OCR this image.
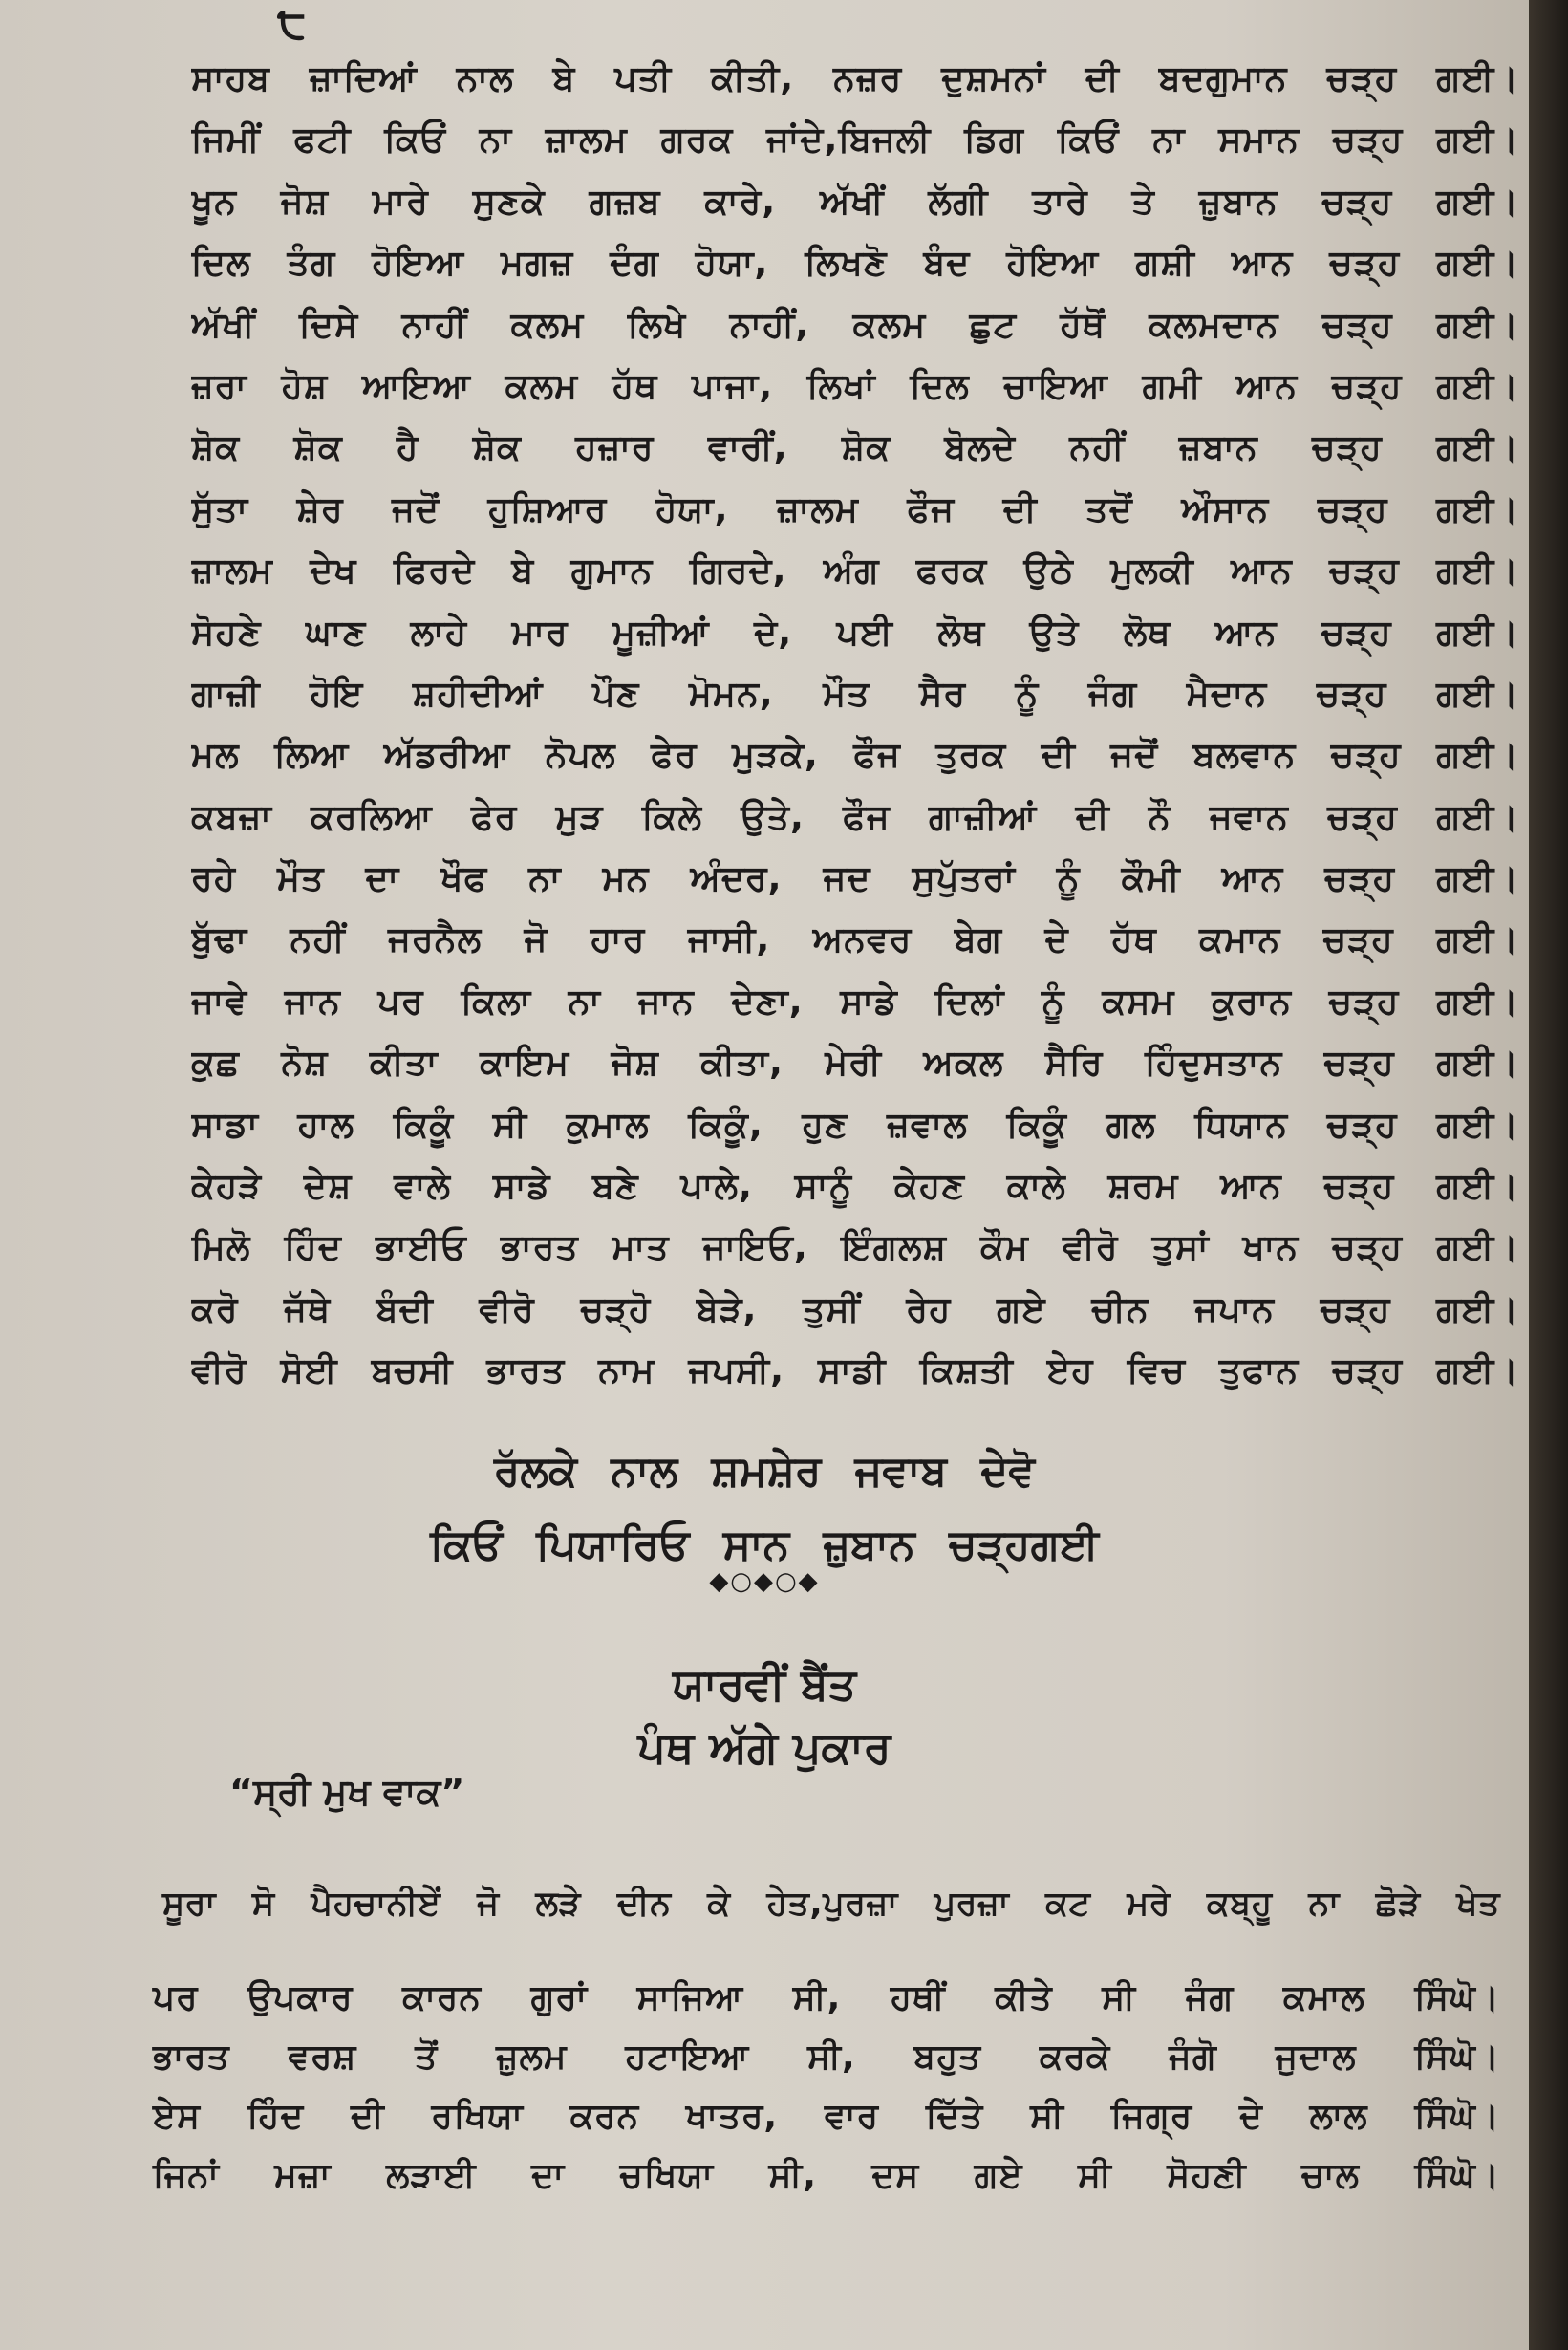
੮
ਸਾਹਬ ਜ਼ਾਦਿਆਂ ਨਾਲ ਬੇ ਪਤੀ ਕੀਤੀ, ਨਜ਼ਰ ਦੁਸ਼ਮਨਾਂ ਦੀ ਬਦਗੁਮਾਨ ਚੜ੍ਹ ਗਈ।
ਜਿਮੀਂ ਫਟੀ ਕਿਓਂ ਨਾ ਜ਼ਾਲਮ ਗਰਕ ਜਾਂਦੇ,ਬਿਜਲੀ ਡਿਗ ਕਿਓਂ ਨਾ ਸਮਾਨ ਚੜ੍ਹ ਗਈ।
ਖੂਨ ਜੋਸ਼ ਮਾਰੇ ਸੁਣਕੇ ਗਜ਼ਬ ਕਾਰੇ, ਅੱਖੀਂ ਲੱਗੀ ਤਾਰੇ ਤੇ ਜ਼ੁਬਾਨ ਚੜ੍ਹ ਗਈ।
ਦਿਲ ਤੰਗ ਹੋਇਆ ਮਗਜ਼ ਦੰਗ ਹੋਯਾ, ਲਿਖਣੋ ਬੰਦ ਹੋਇਆ ਗਸ਼ੀ ਆਨ ਚੜ੍ਹ ਗਈ।
ਅੱਖੀਂ ਦਿਸੇ ਨਾਹੀਂ ਕਲਮ ਲਿਖੇ ਨਾਹੀਂ, ਕਲਮ ਛੁਟ ਹੱਥੋਂ ਕਲਮਦਾਨ ਚੜ੍ਹ ਗਈ।
ਜ਼ਰਾ ਹੋਸ਼ ਆਇਆ ਕਲਮ ਹੱਥ ਪਾਜਾ, ਲਿਖਾਂ ਦਿਲ ਚਾਇਆ ਗਮੀ ਆਨ ਚੜ੍ਹ ਗਈ।
ਸ਼ੋਕ ਸ਼ੋਕ ਹੈ ਸ਼ੋਕ ਹਜ਼ਾਰ ਵਾਰੀਂ, ਸ਼ੋਕ ਬੋਲਦੇ ਨਹੀਂ ਜ਼ਬਾਨ ਚੜ੍ਹ ਗਈ।
ਸੁੱਤਾ ਸ਼ੇਰ ਜਦੋਂ ਹੁਸ਼ਿਆਰ ਹੋਯਾ, ਜ਼ਾਲਮ ਫੌਜ ਦੀ ਤਦੋਂ ਔਸਾਨ ਚੜ੍ਹ ਗਈ।
ਜ਼ਾਲਮ ਦੇਖ ਫਿਰਦੇ ਬੇ ਗੁਮਾਨ ਗਿਰਦੇ, ਅੰਗ ਫਰਕ ਉਠੇ ਮੁਲਕੀ ਆਨ ਚੜ੍ਹ ਗਈ।
ਸੋਹਣੇ ਘਾਣ ਲਾਹੇ ਮਾਰ ਮੂਜ਼ੀਆਂ ਦੇ, ਪਈ ਲੋਥ ਉਤੇ ਲੋਥ ਆਨ ਚੜ੍ਹ ਗਈ।
ਗਾਜ਼ੀ ਹੋਇ ਸ਼ਹੀਦੀਆਂ ਪੌਣ ਮੋਮਨ, ਮੌਤ ਸੈਰ ਨੂੰ ਜੰਗ ਮੈਦਾਨ ਚੜ੍ਹ ਗਈ।
ਮਲ ਲਿਆ ਅੱਡਰੀਆ ਨੋਪਲ ਫੇਰ ਮੁੜਕੇ, ਫੌਜ ਤੁਰਕ ਦੀ ਜਦੋਂ ਬਲਵਾਨ ਚੜ੍ਹ ਗਈ।
ਕਬਜ਼ਾ ਕਰਲਿਆ ਫੇਰ ਮੁੜ ਕਿਲੇ ਉਤੇ, ਫੌਜ ਗਾਜ਼ੀਆਂ ਦੀ ਨੌ ਜਵਾਨ ਚੜ੍ਹ ਗਈ।
ਰਹੇ ਮੌਤ ਦਾ ਖੌਫ ਨਾ ਮਨ ਅੰਦਰ, ਜਦ ਸੁਪੁੱਤਰਾਂ ਨੂੰ ਕੌਮੀ ਆਨ ਚੜ੍ਹ ਗਈ।
ਬੁੱਢਾ ਨਹੀਂ ਜਰਨੈਲ ਜੋ ਹਾਰ ਜਾਸੀ, ਅਨਵਰ ਬੇਗ ਦੇ ਹੱਥ ਕਮਾਨ ਚੜ੍ਹ ਗਈ।
ਜਾਵੇ ਜਾਨ ਪਰ ਕਿਲਾ ਨਾ ਜਾਨ ਦੇਣਾ, ਸਾਡੇ ਦਿਲਾਂ ਨੂੰ ਕਸਮ ਕੁਰਾਨ ਚੜ੍ਹ ਗਈ।
ਕੁਛ ਨੋਸ਼ ਕੀਤਾ ਕਾਇਮ ਜੋਸ਼ ਕੀਤਾ, ਮੇਰੀ ਅਕਲ ਸੈਰਿ ਹਿੰਦੁਸਤਾਨ ਚੜ੍ਹ ਗਈ।
ਸਾਡਾ ਹਾਲ ਕਿਕੂੰ ਸੀ ਕੁਮਾਲ ਕਿਕੂੰ, ਹੁਣ ਜ਼ਵਾਲ ਕਿਕੂੰ ਗਲ ਧਿਯਾਨ ਚੜ੍ਹ ਗਈ।
ਕੇਹੜੇ ਦੇਸ਼ ਵਾਲੇ ਸਾਡੇ ਬਣੇ ਪਾਲੇ, ਸਾਨੂੰ ਕੇਹਣ ਕਾਲੇ ਸ਼ਰਮ ਆਨ ਚੜ੍ਹ ਗਈ।
ਮਿਲੋ ਹਿੰਦ ਭਾਈਓ ਭਾਰਤ ਮਾਤ ਜਾਇਓ, ਇੰਗਲਸ਼ ਕੌਮ ਵੀਰੋ ਤੁਸਾਂ ਖਾਨ ਚੜ੍ਹ ਗਈ।
ਕਰੋ ਜੱਥੇ ਬੰਦੀ ਵੀਰੋ ਚੜ੍ਹੋ ਬੇੜੇ, ਤੁਸੀਂ ਰੇਹ ਗਏ ਚੀਨ ਜਪਾਨ ਚੜ੍ਹ ਗਈ।
ਵੀਰੋ ਸੋਈ ਬਚਸੀ ਭਾਰਤ ਨਾਮ ਜਪਸੀ, ਸਾਡੀ ਕਿਸ਼ਤੀ ਏਹ ਵਿਚ ਤੁਫਾਨ ਚੜ੍ਹ ਗਈ।
ਰੱਲਕੇ ਨਾਲ ਸ਼ਮਸ਼ੇਰ ਜਵਾਬ ਦੇਵੋ
ਕਿਓਂ ਪਿਯਾਰਿਓ ਸਾਨ ਜ਼ੁਬਾਨ ਚੜ੍ਹਗਈ
◆○◆○◆
ਯਾਰਵੀਂ ਬੈਂਤ
ਪੰਥ ਅੱਗੇ ਪੁਕਾਰ
“ਸ੍ਰੀ ਮੁਖ ਵਾਕ”
ਸੂਰਾ ਸੋ ਪੈਹਚਾਨੀਏਂ ਜੋ ਲੜੇ ਦੀਨ ਕੇ ਹੇਤ,ਪੁਰਜ਼ਾ ਪੁਰਜ਼ਾ ਕਟ ਮਰੇ ਕਬ੍ਹੂ ਨਾ ਛੋੜੇ ਖੇਤ
ਪਰ ਉਪਕਾਰ ਕਾਰਨ ਗੁਰਾਂ ਸਾਜਿਆ ਸੀ, ਹਥੀਂ ਕੀਤੇ ਸੀ ਜੰਗ ਕਮਾਲ ਸਿੰਘੋ।
ਭਾਰਤ ਵਰਸ਼ ਤੋਂ ਜ਼ੁਲਮ ਹਟਾਇਆ ਸੀ, ਬਹੁਤ ਕਰਕੇ ਜੰਗੋ ਜੁਦਾਲ ਸਿੰਘੋ।
ਏਸ ਹਿੰਦ ਦੀ ਰਖਿਯਾ ਕਰਨ ਖਾਤਰ, ਵਾਰ ਦਿੱਤੇ ਸੀ ਜਿਗ੍ਰ ਦੇ ਲਾਲ ਸਿੰਘੋ।
ਜਿਨਾਂ ਮਜ਼ਾ ਲੜਾਈ ਦਾ ਚਖਿਯਾ ਸੀ, ਦਸ ਗਏ ਸੀ ਸੋਹਣੀ ਚਾਲ ਸਿੰਘੋ।
